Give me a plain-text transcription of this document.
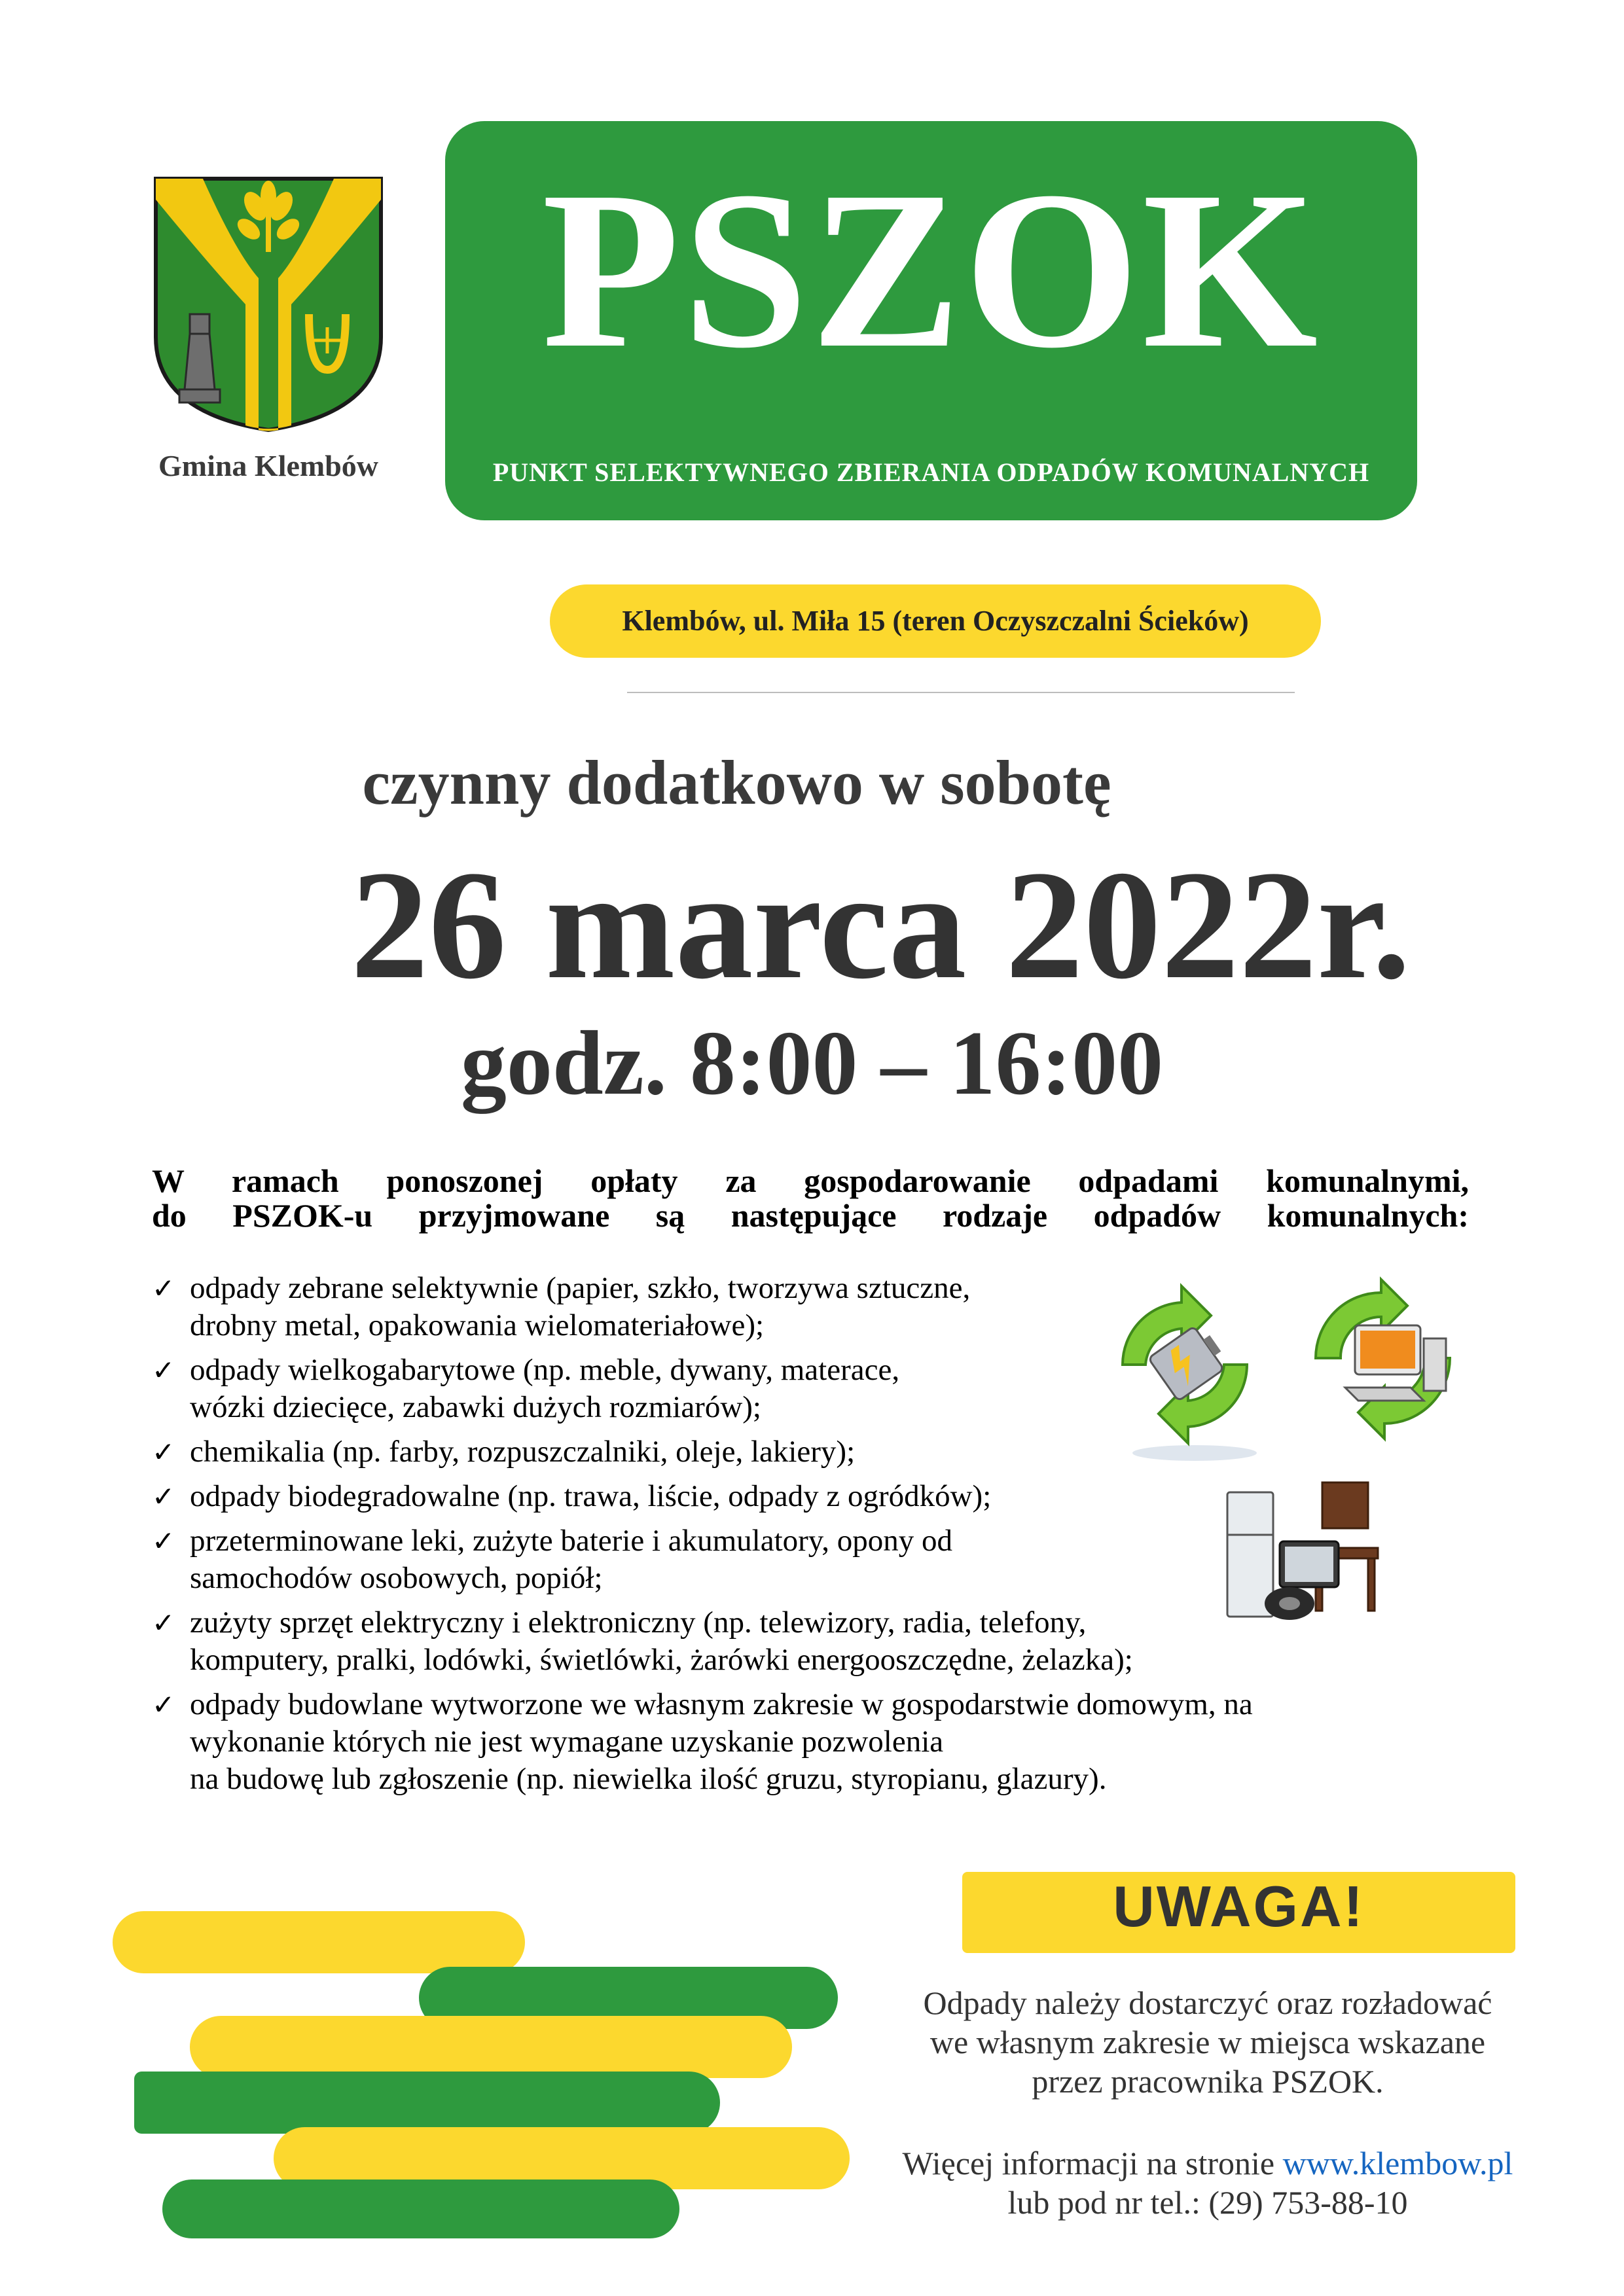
Gmina Klembów
PSZOK
PUNKT SELEKTYWNEGO ZBIERANIA ODPADÓW KOMUNALNYCH
Klembów, ul. Miła 15 (teren Oczyszczalni Ścieków)
czynny dodatkowo w sobotę
26 marca 2022r.
godz. 8:00 – 16:00
W ramach ponoszonej opłaty za gospodarowanie odpadami komunalnymi,
do PSZOK-u przyjmowane są następujące rodzaje odpadów komunalnych:
✓ odpady zebrane selektywnie (papier, szkło, tworzywa sztuczne,
drobny metal, opakowania wielomateriałowe);
✓ odpady wielkogabarytowe (np. meble, dywany, materace,
wózki dziecięce, zabawki dużych rozmiarów);
✓ chemikalia (np. farby, rozpuszczalniki, oleje, lakiery);
✓ odpady biodegradowalne (np. trawa, liście, odpady z ogródków);
✓ przeterminowane leki, zużyte baterie i akumulatory, opony od
samochodów osobowych, popiół;
✓ zużyty sprzęt elektryczny i elektroniczny (np. telewizory, radia, telefony,
komputery, pralki, lodówki, świetlówki, żarówki energooszczędne, żelazka);
✓ odpady budowlane wytworzone we własnym zakresie w gospodarstwie domowym, na
wykonanie których nie jest wymagane uzyskanie pozwolenia
na budowę lub zgłoszenie (np. niewielka ilość gruzu, styropianu, glazury).
UWAGA!
Odpady należy dostarczyć oraz rozładować
we własnym zakresie w miejsca wskazane
przez pracownika PSZOK.
Więcej informacji na stronie www.klembow.pl
lub pod nr tel.: (29) 753-88-10
